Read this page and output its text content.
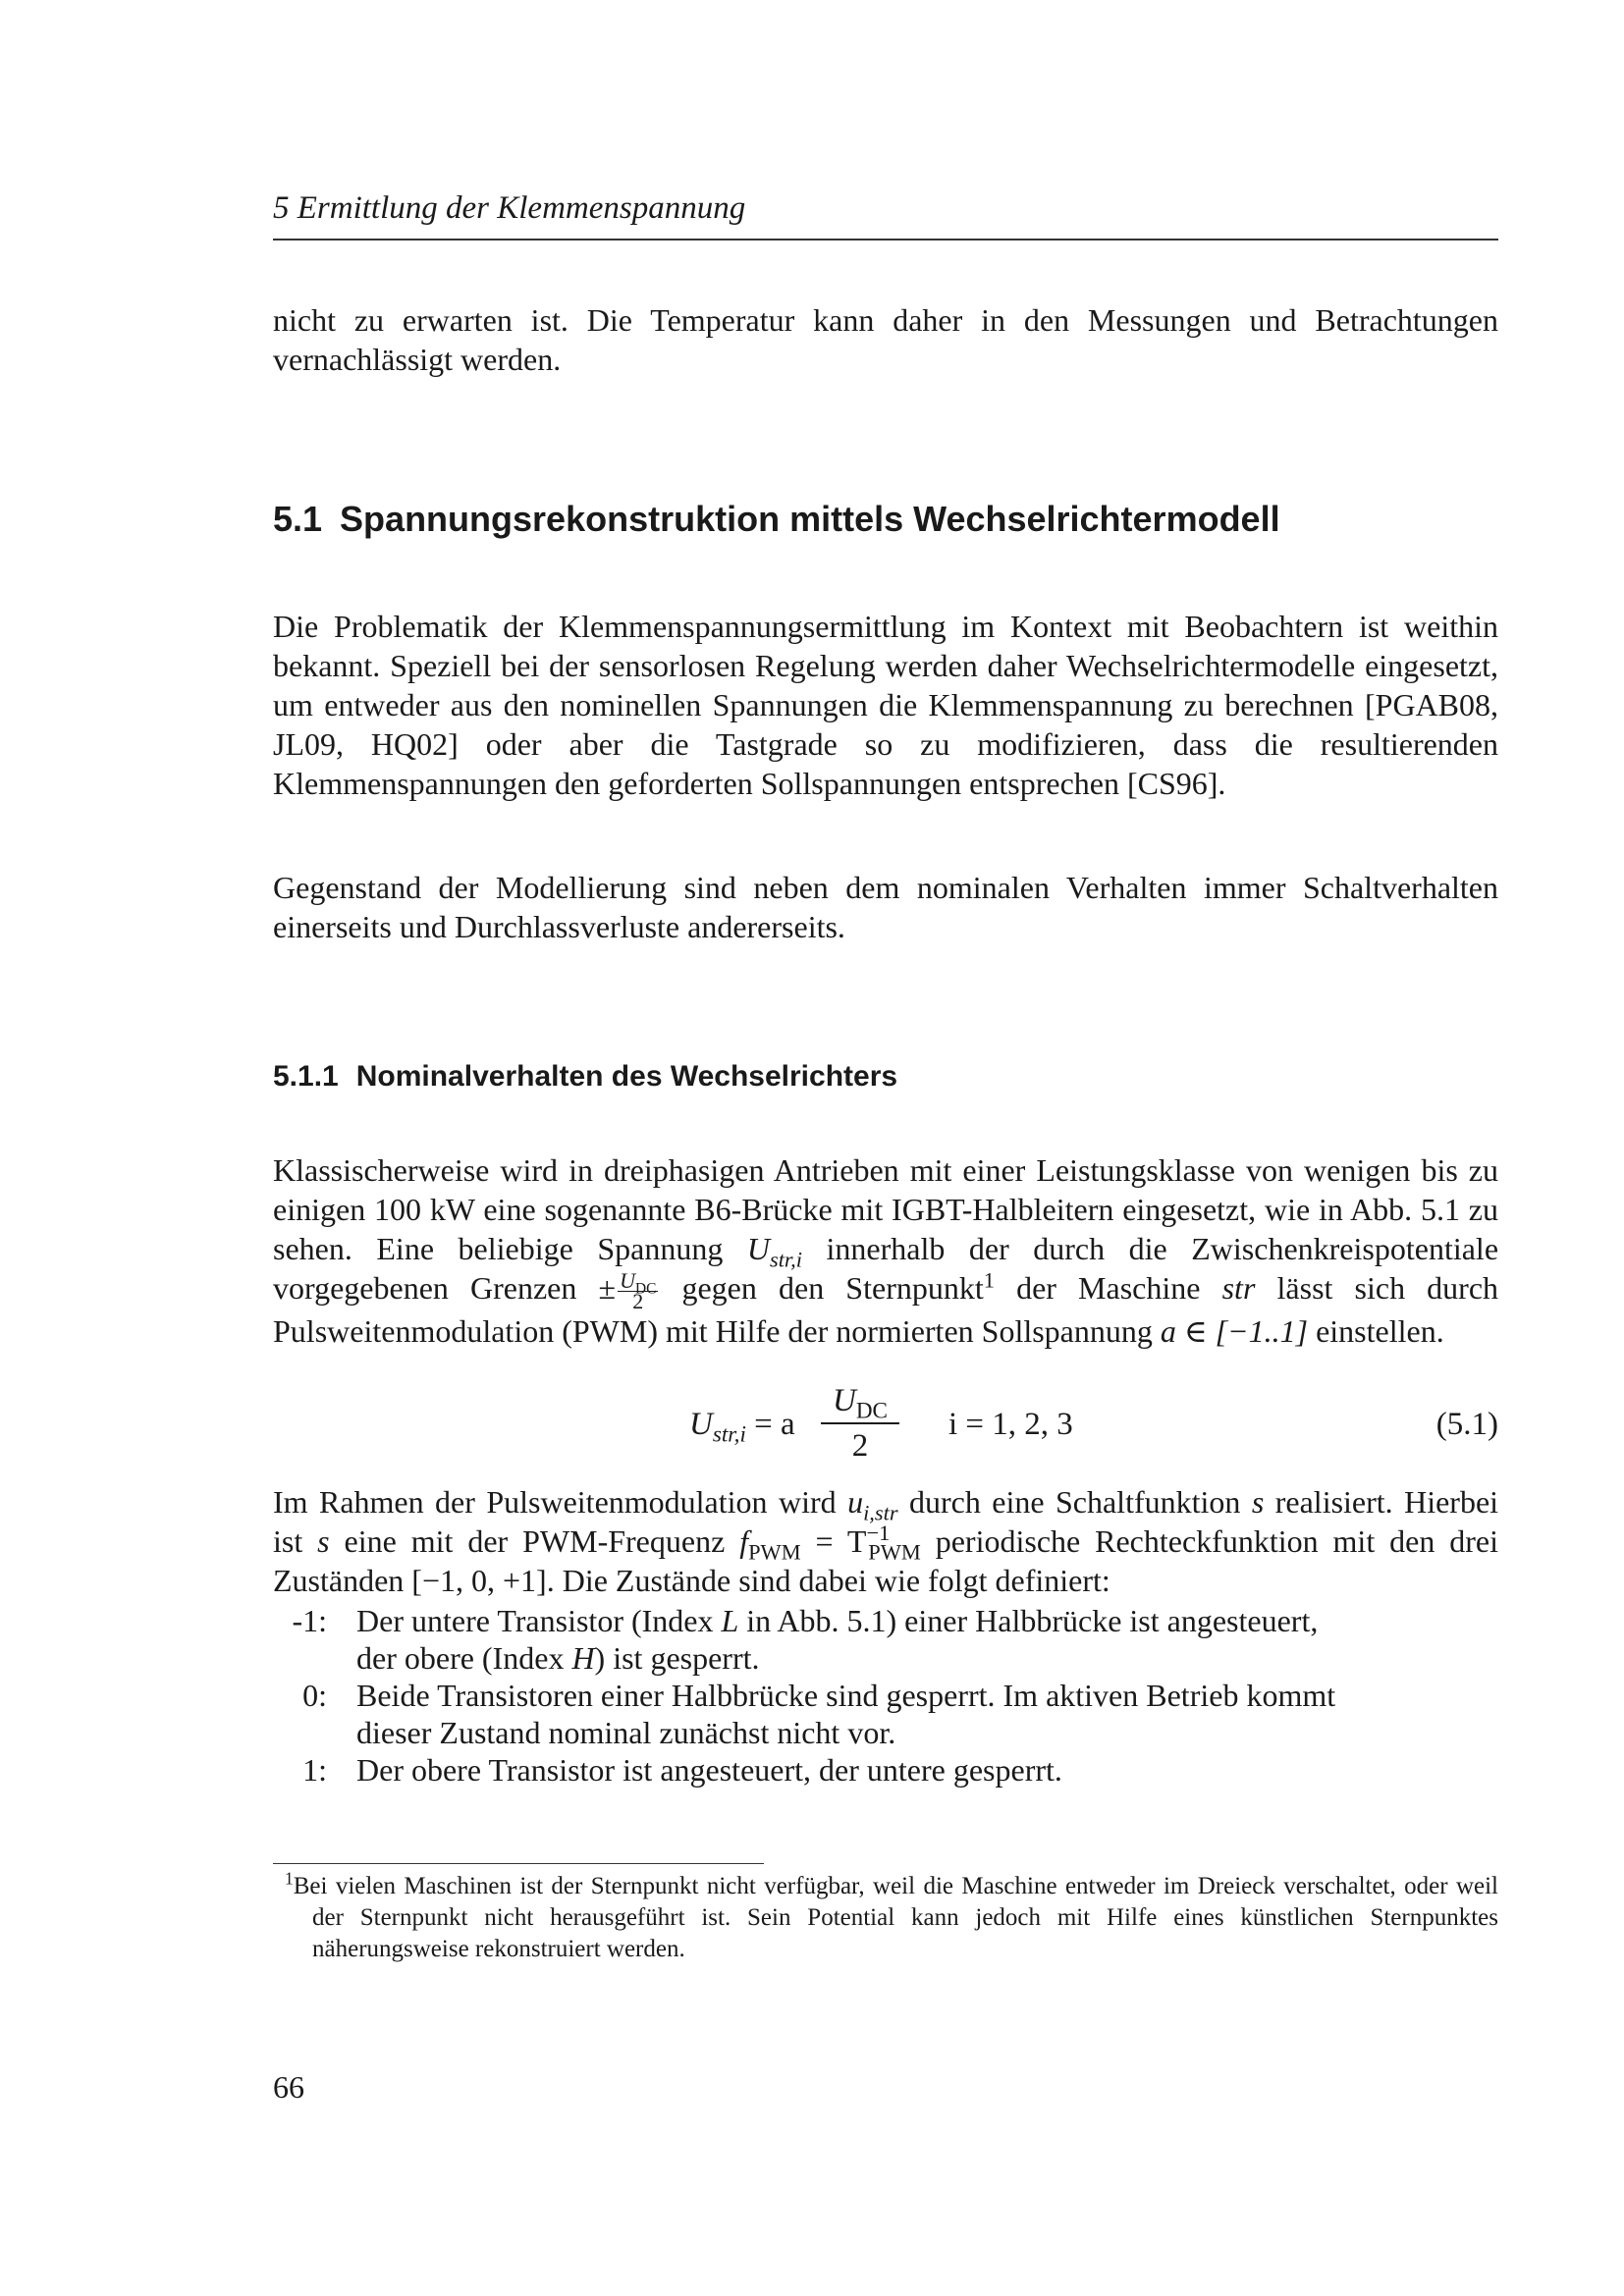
5 Ermittlung der Klemmenspannung

nicht zu erwarten ist. Die Temperatur kann daher in den Messungen und Betrachtungen vernachlässigt werden.

5.1 Spannungsrekonstruktion mittels Wechselrichtermodell

Die Problematik der Klemmenspannungsermittlung im Kontext mit Beobachtern ist weithin bekannt. Speziell bei der sensorlosen Regelung werden daher Wechselrichtermodelle eingesetzt, um entweder aus den nominellen Spannungen die Klemmenspannung zu berechnen [PGAB08, JL09, HQ02] oder aber die Tastgrade so zu modifizieren, dass die resultierenden Klemmenspannungen den geforderten Sollspannungen entsprechen [CS96].

Gegenstand der Modellierung sind neben dem nominalen Verhalten immer Schaltverhalten einerseits und Durchlassverluste andererseits.

5.1.1 Nominalverhalten des Wechselrichters

Klassischerweise wird in dreiphasigen Antrieben mit einer Leistungsklasse von wenigen bis zu einigen 100 kW eine sogenannte B6-Brücke mit IGBT-Halbleitern eingesetzt, wie in Abb. 5.1 zu sehen. Eine beliebige Spannung $U_{str,i}$ innerhalb der durch die Zwischenkreispotentiale vorgegebenen Grenzen ± $\frac{U_{DC}}{2}$ gegen den Sternpunkt$^1$ der Maschine str lässt sich durch Pulsweitenmodulation (PWM) mit Hilfe der normierten Sollspannung a ∈ [−1..1] einstellen.

$U_{str,i} = a$
$U_{DC}$
2
i = 1, 2, 3	(5.1)

Im Rahmen der Pulsweitenmodulation wird $u_{i,str}$ durch eine Schaltfunktion s realisiert. Hierbei ist s eine mit der PWM-Frequenz $f_{PWM} = T^{-1}_{PWM}$ periodische Rechteckfunktion mit den drei Zuständen [−1, 0, +1]. Die Zustände sind dabei wie folgt definiert:

-1: Der untere Transistor (Index L in Abb. 5.1) einer Halbbrücke ist angesteuert, der obere (Index H) ist gesperrt.
0: Beide Transistoren einer Halbbrücke sind gesperrt. Im aktiven Betrieb kommt dieser Zustand nominal zunächst nicht vor.
1: Der obere Transistor ist angesteuert, der untere gesperrt.
$^1$Bei vielen Maschinen ist der Sternpunkt nicht verfügbar, weil die Maschine entweder im Dreieck verschaltet, oder weil der Sternpunkt nicht herausgeführt ist. Sein Potential kann jedoch mit Hilfe eines künstlichen Sternpunktes näherungsweise rekonstruiert werden.
66
